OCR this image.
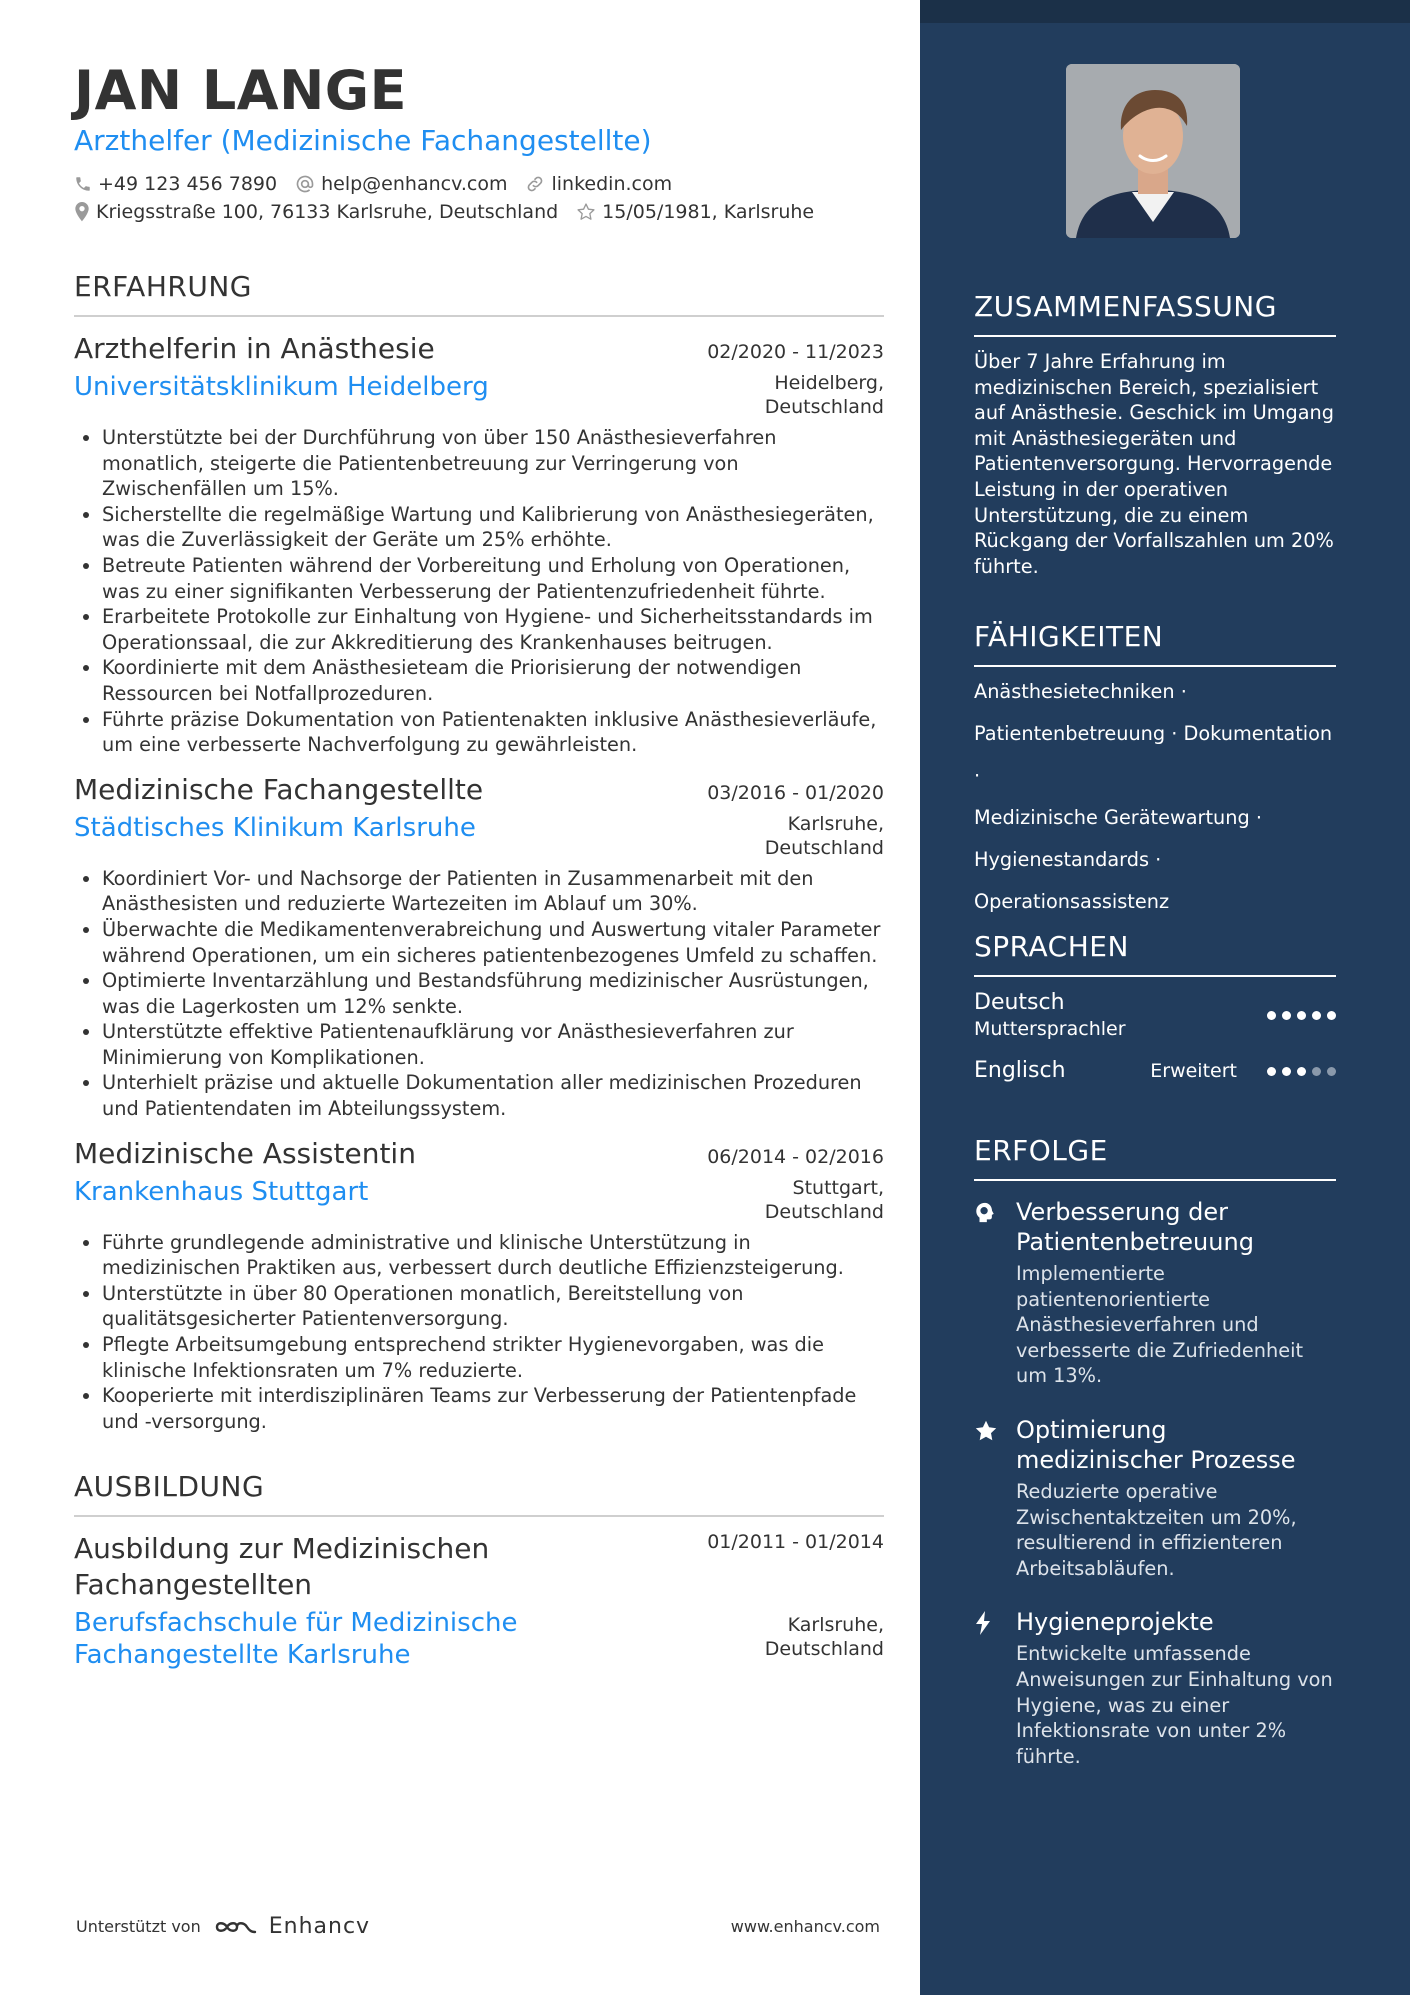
JAN LANGE
Arzthelfer (Medizinische Fachangestellte)
+49 123 456 7890 help@enhancv.com linkedin.com
Kriegsstraße 100, 76133 Karlsruhe, Deutschland 15/05/1981, Karlsruhe
ERFAHRUNG
Arzthelferin in Anästhesie	02/2020 - 11/2023
Universitätsklinikum Heidelberg	Heidelberg,
Deutschland
• Unterstützte bei der Durchführung von über 150 Anästhesieverfahren monatlich, steigerte die Patientenbetreuung zur Verringerung von Zwischenfällen um 15%.
• Sicherstellte die regelmäßige Wartung und Kalibrierung von Anästhesiegeräten, was die Zuverlässigkeit der Geräte um 25% erhöhte.
• Betreute Patienten während der Vorbereitung und Erholung von Operationen, was zu einer signifikanten Verbesserung der Patientenzufriedenheit führte.
• Erarbeitete Protokolle zur Einhaltung von Hygiene- und Sicherheitsstandards im Operationssaal, die zur Akkreditierung des Krankenhauses beitrugen.
• Koordinierte mit dem Anästhesieteam die Priorisierung der notwendigen Ressourcen bei Notfallprozeduren.
• Führte präzise Dokumentation von Patientenakten inklusive Anästhesieverläufe, um eine verbesserte Nachverfolgung zu gewährleisten.
Medizinische Fachangestellte	03/2016 - 01/2020
Städtisches Klinikum Karlsruhe	Karlsruhe,
Deutschland
• Koordiniert Vor- und Nachsorge der Patienten in Zusammenarbeit mit den Anästhesisten und reduzierte Wartezeiten im Ablauf um 30%.
• Überwachte die Medikamentenverabreichung und Auswertung vitaler Parameter während Operationen, um ein sicheres patientenbezogenes Umfeld zu schaffen.
• Optimierte Inventarzählung und Bestandsführung medizinischer Ausrüstungen, was die Lagerkosten um 12% senkte.
• Unterstützte effektive Patientenaufklärung vor Anästhesieverfahren zur Minimierung von Komplikationen.
• Unterhielt präzise und aktuelle Dokumentation aller medizinischen Prozeduren und Patientendaten im Abteilungssystem.
Medizinische Assistentin	06/2014 - 02/2016
Krankenhaus Stuttgart	Stuttgart,
Deutschland
• Führte grundlegende administrative und klinische Unterstützung in medizinischen Praktiken aus, verbessert durch deutliche Effizienzsteigerung.
• Unterstützte in über 80 Operationen monatlich, Bereitstellung von qualitätsgesicherter Patientenversorgung.
• Pflegte Arbeitsumgebung entsprechend strikter Hygienevorgaben, was die klinische Infektionsraten um 7% reduzierte.
• Kooperierte mit interdisziplinären Teams zur Verbesserung der Patientenpfade und -versorgung.
AUSBILDUNG
Ausbildung zur Medizinischen Fachangestellten
01/2011 - 01/2014
Berufsfachschule für Medizinische Fachangestellte Karlsruhe
Karlsruhe,
Deutschland
Unterstützt von	Enhancv	www.enhancv.com
ZUSAMMENFASSUNG
Über 7 Jahre Erfahrung im medizinischen Bereich, spezialisiert auf Anästhesie. Geschick im Umgang mit Anästhesiegeräten und Patientenversorgung. Hervorragende Leistung in der operativen Unterstützung, die zu einem Rückgang der Vorfallszahlen um 20% führte.
FÄHIGKEITEN
Anästhesietechniken ·
Patientenbetreuung · Dokumentation ·
Medizinische Gerätewartung ·
Hygienestandards ·
Operationsassistenz
SPRACHEN
Deutsch
Muttersprachler
Englisch	Erweitert
ERFOLGE
Verbesserung der Patientenbetreuung
Implementierte patientenorientierte Anästhesieverfahren und verbesserte die Zufriedenheit um 13%.
Optimierung medizinischer Prozesse
Reduzierte operative Zwischentaktzeiten um 20%, resultierend in effizienteren Arbeitsabläufen.
Hygieneprojekte
Entwickelte umfassende Anweisungen zur Einhaltung von Hygiene, was zu einer Infektionsrate von unter 2% führte.
